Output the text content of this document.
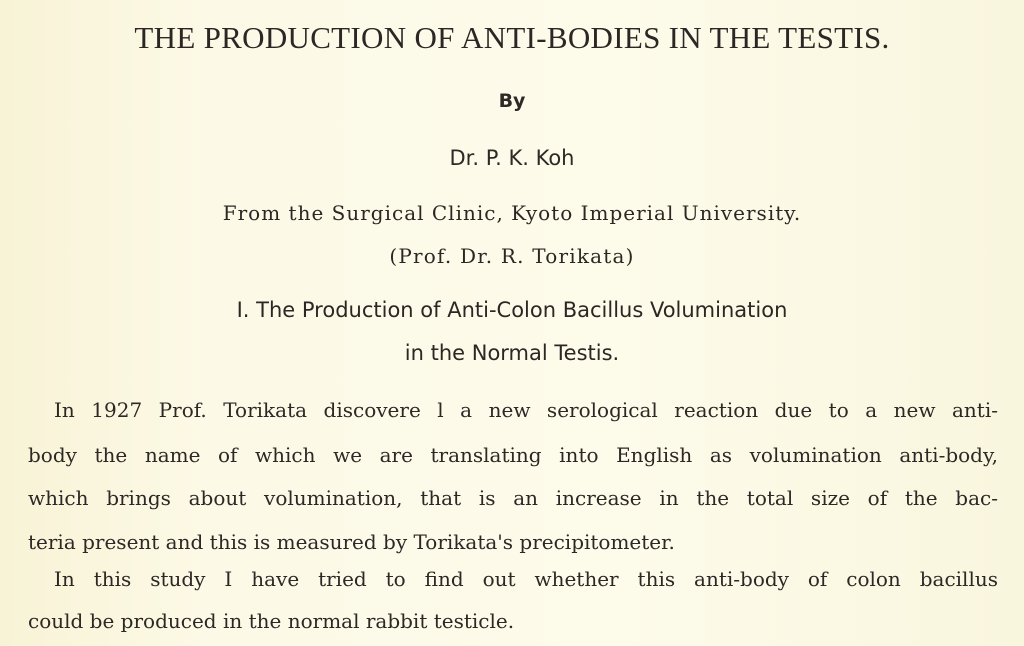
THE PRODUCTION OF ANTI-BODIES IN THE TESTIS.
By
Dr. P. K. Koh
From the Surgical Clinic, Kyoto Imperial University.
(Prof. Dr. R. Torikata)
I. The Production of Anti-Colon Bacillus Volumination
in the Normal Testis.
In 1927 Prof. Torikata discovere l a new serological reaction due to a new anti-
body the name of which we are translating into English as volumination anti-body,
which brings about volumination, that is an increase in the total size of the bac-
teria present and this is measured by Torikata's precipitometer.
In this study I have tried to find out whether this anti-body of colon bacillus
could be produced in the normal rabbit testicle.
